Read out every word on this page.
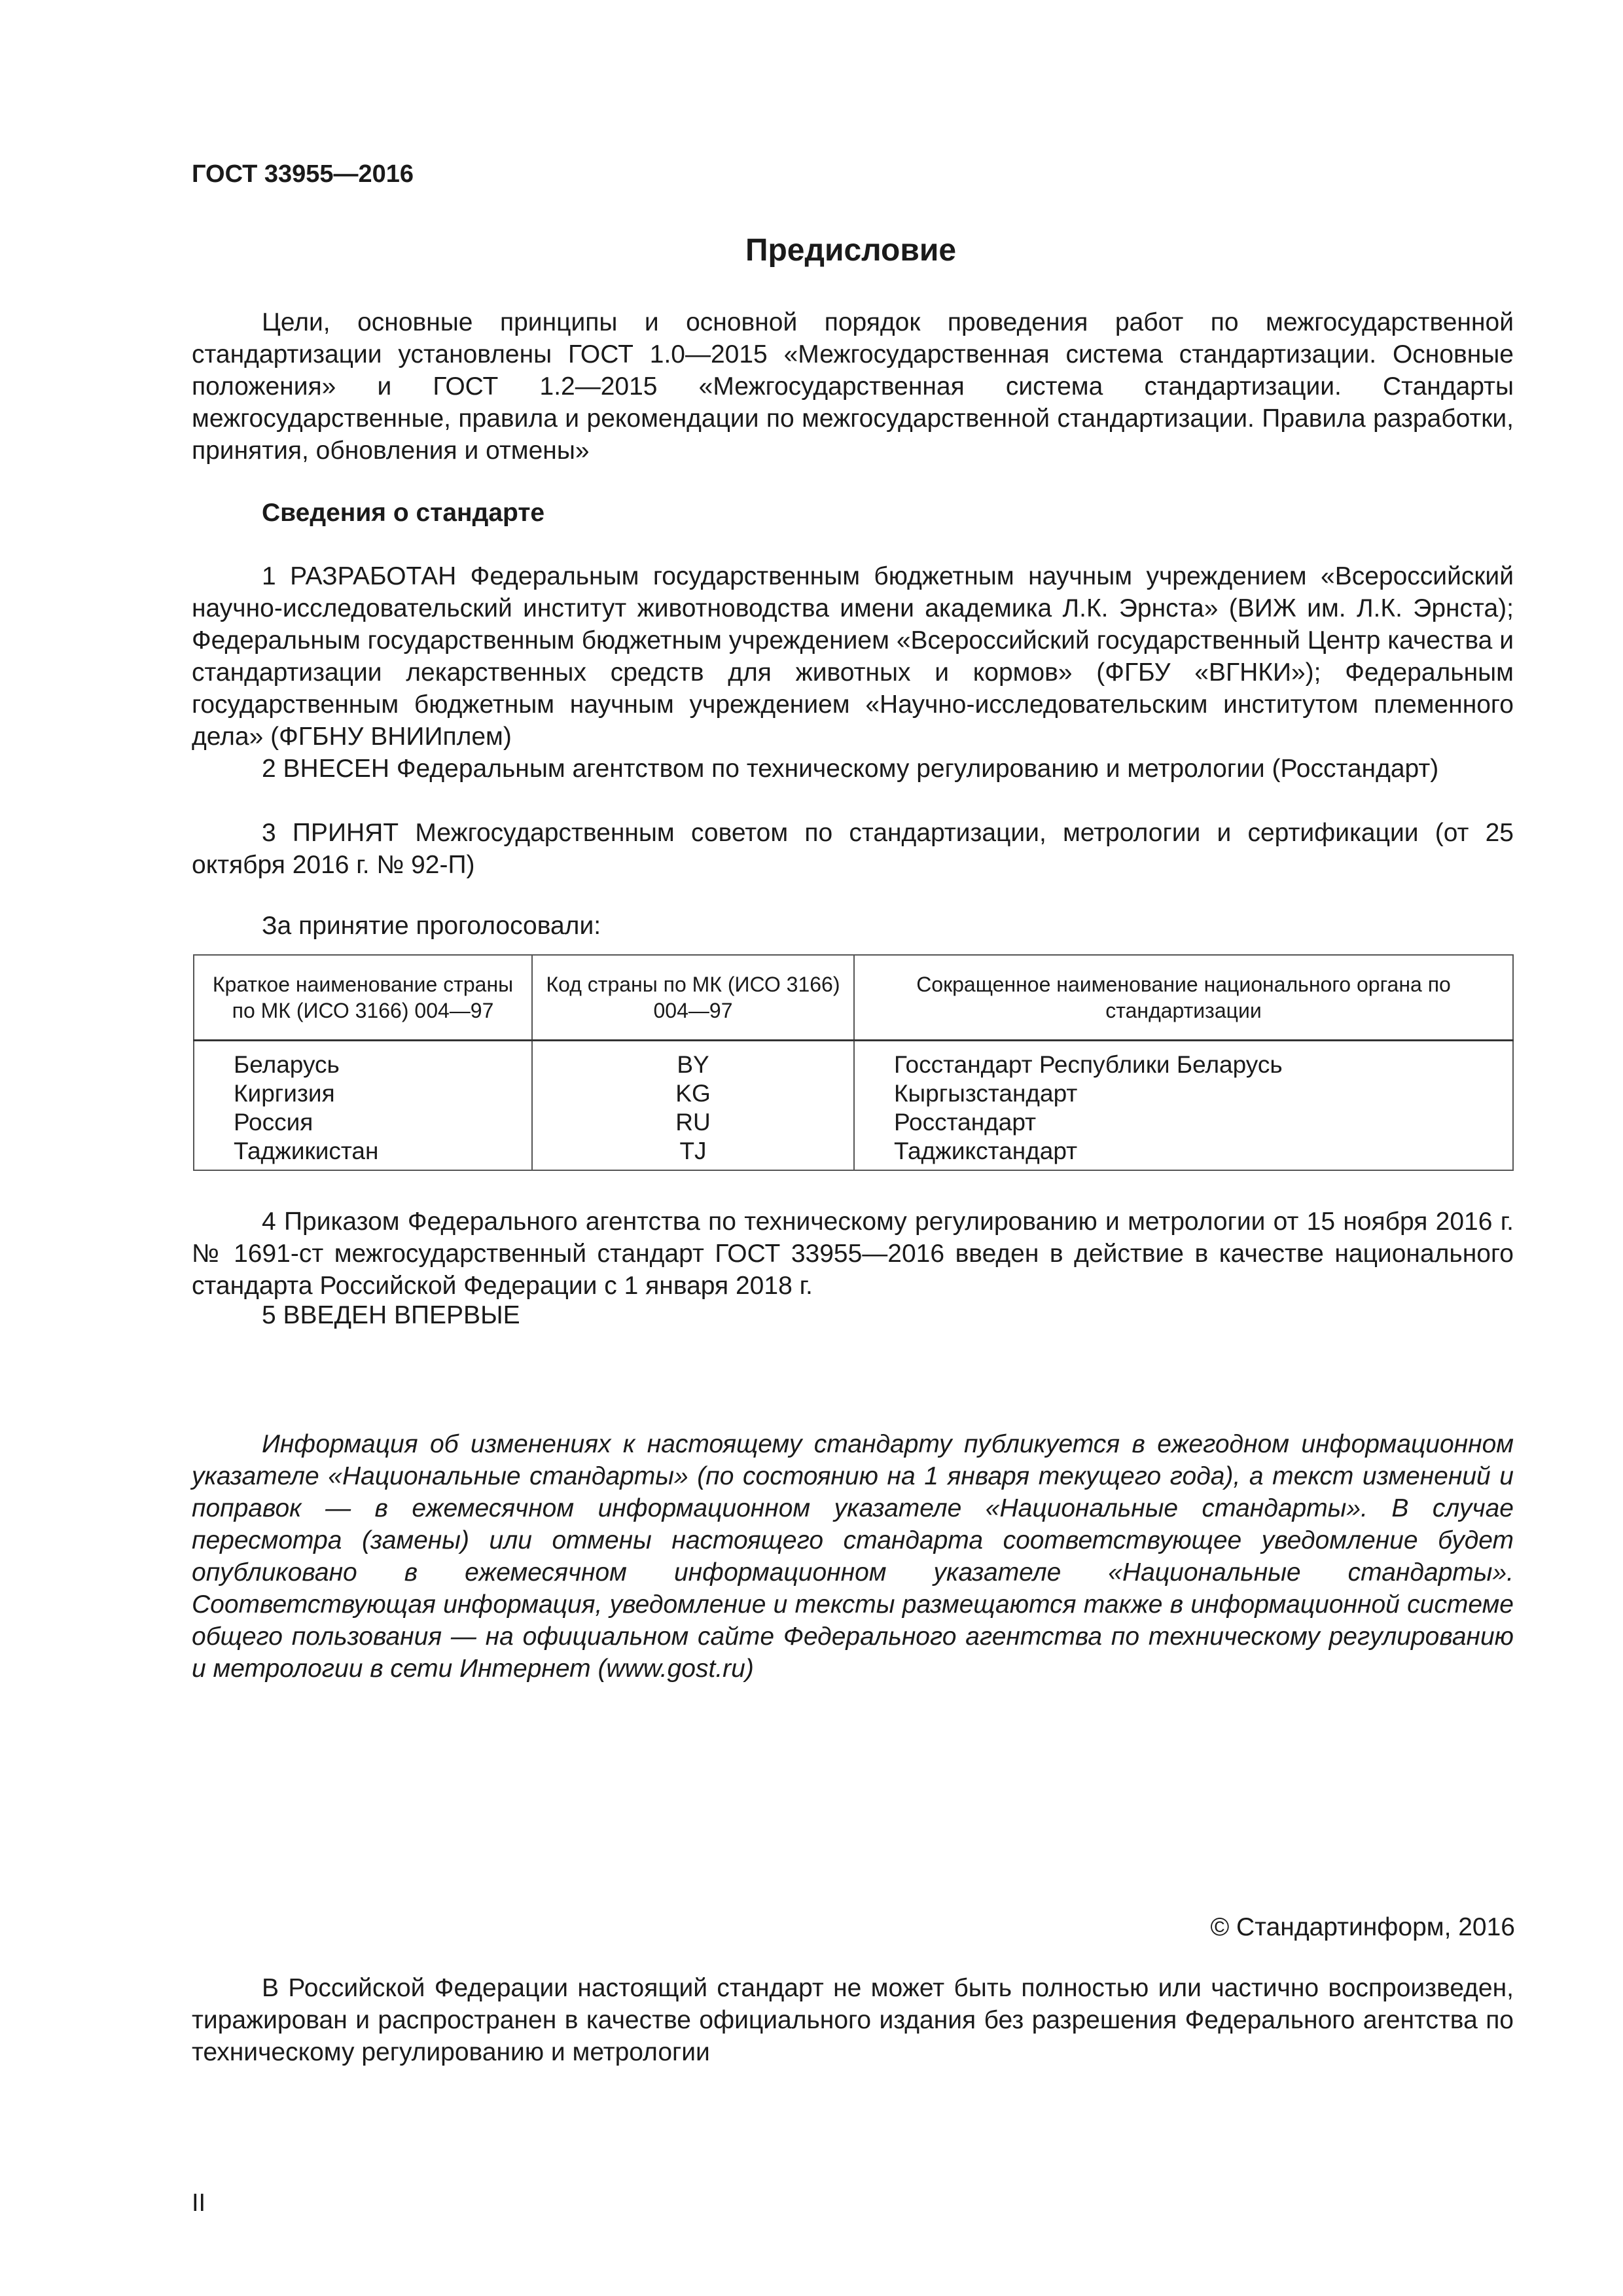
ГОСТ 33955—2016
Предисловие

Цели, основные принципы и основной порядок проведения работ по межгосударственной стандартизации установлены ГОСТ 1.0—2015 «Межгосударственная система стандартизации. Основные положения» и ГОСТ 1.2—2015 «Межгосударственная система стандартизации. Стандарты межгосударственные, правила и рекомендации по межгосударственной стандартизации. Правила разработки, принятия, обновления и отмены»

Сведения о стандарте

1 РАЗРАБОТАН Федеральным государственным бюджетным научным учреждением «Всероссийский научно-исследовательский институт животноводства имени академика Л.К. Эрнста» (ВИЖ им. Л.К. Эрнста); Федеральным государственным бюджетным учреждением «Всероссийский государственный Центр качества и стандартизации лекарственных средств для животных и кормов» (ФГБУ «ВГНКИ»); Федеральным государственным бюджетным научным учреждением «Научно-исследовательским институтом племенного дела» (ФГБНУ ВНИИплем)

2 ВНЕСЕН Федеральным агентством по техническому регулированию и метрологии (Росстандарт)

3 ПРИНЯТ Межгосударственным советом по стандартизации, метрологии и сертификации (от 25 октября 2016 г. № 92-П)

За принятие проголосовали:
Краткое наименование страны по МК (ИСО 3166) 004—97	Код страны по МК (ИСО 3166) 004—97	Сокращенное наименование национального органа по стандартизации
Беларусь	BY	Госстандарт Республики Беларусь
Киргизия	KG	Кыргызстандарт
Россия	RU	Росстандарт
Таджикистан	TJ	Таджикстандарт

4 Приказом Федерального агентства по техническому регулированию и метрологии от 15 ноября 2016 г. № 1691-ст межгосударственный стандарт ГОСТ 33955—2016 введен в действие в качестве национального стандарта Российской Федерации с 1 января 2018 г.

5 ВВЕДЕН ВПЕРВЫЕ

Информация об изменениях к настоящему стандарту публикуется в ежегодном информационном указателе «Национальные стандарты» (по состоянию на 1 января текущего года), а текст изменений и поправок — в ежемесячном информационном указателе «Национальные стандарты». В случае пересмотра (замены) или отмены настоящего стандарта соответствующее уведомление будет опубликовано в ежемесячном информационном указателе «Национальные стандарты». Соответствующая информация, уведомление и тексты размещаются также в информационной системе общего пользования — на официальном сайте Федерального агентства по техническому регулированию и метрологии в сети Интернет (www.gost.ru)

© Стандартинформ, 2016

В Российской Федерации настоящий стандарт не может быть полностью или частично воспроизведен, тиражирован и распространен в качестве официального издания без разрешения Федерального агентства по техническому регулированию и метрологии

II
